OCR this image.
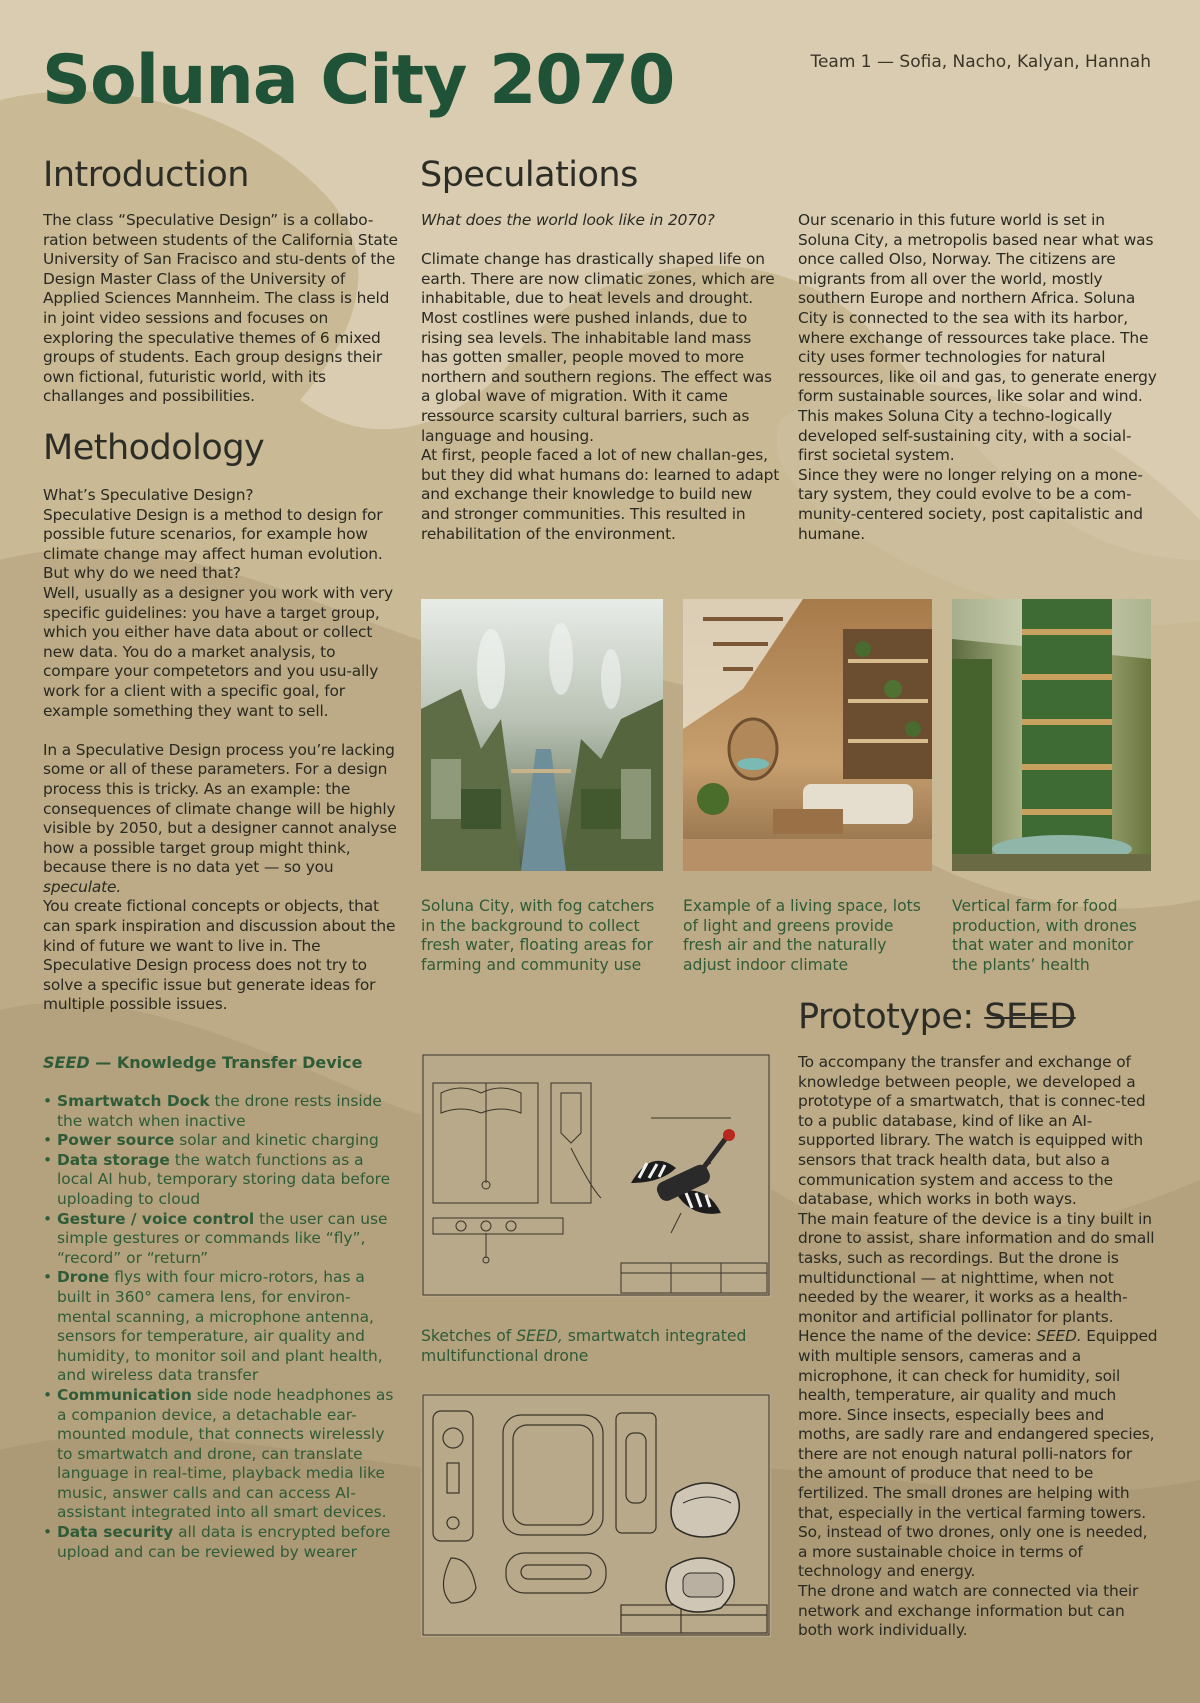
Soluna City 2070	Team 1 — Sofia, Nacho, Kalyan, Hannah
Introduction
The class “Speculative Design” is a collabo-ration between students of the California State University of San Fracisco and stu-dents of the Design Master Class of the University of Applied Sciences Mannheim. The class is held in joint video sessions and focuses on exploring the speculative themes of 6 mixed groups of students. Each group designs their own fictional, futuristic world, with its challanges and possibilities.
Methodology

What’s Speculative Design?

Speculative Design is a method to design for possible future scenarios, for example how climate change may affect human evolution. But why do we need that?

Well, usually as a designer you work with very specific guidelines: you have a target group, which you either have data about or collect new data. You do a market analysis, to compare your competetors and you usu-ally work for a client with a specific goal, for example something they want to sell.

In a Speculative Design process you’re lacking some or all of these parameters. For a design process this is tricky. As an example: the consequences of climate change will be highly visible by 2050, but a designer cannot analyse how a possible target group might think, because there is no data yet — so you speculate.

You create fictional concepts or objects, that can spark inspiration and discussion about the kind of future we want to live in. The Speculative Design process does not try to solve a specific issue but generate ideas for multiple possible issues.

Speculations

What does the world look like in 2070?

Climate change has drastically shaped life on earth. There are now climatic zones, which are inhabitable, due to heat levels and drought. Most costlines were pushed inlands, due to rising sea levels. The inhabitable land mass has gotten smaller, people moved to more northern and southern regions. The effect was a global wave of migration. With it came ressource scarsity cultural barriers, such as language and housing.

At first, people faced a lot of new challan-ges, but they did what humans do: learned to adapt and exchange their knowledge to build new and stronger communities. This resulted in rehabilitation of the environment.

Our scenario in this future world is set in Soluna City, a metropolis based near what was once called Olso, Norway. The citizens are migrants from all over the world, mostly southern Europe and northern Africa. Soluna City is connected to the sea with its harbor, where exchange of ressources take place. The city uses former technologies for natural ressources, like oil and gas, to generate energy form sustainable sources, like solar and wind. This makes Soluna City a techno-logically developed self-sustaining city, with a social-first societal system.

Since they were no longer relying on a mone-tary system, they could evolve to be a com-munity-centered society, post capitalistic and humane.

Soluna City, with fog catchers in the background to collect fresh water, floating areas for farming and community use
Example of a living space, lots of light and greens provide fresh air and the naturally adjust indoor climate
Vertical farm for food production, with drones that water and monitor the plants’ health
SEED — Knowledge Transfer Device
• Smartwatch Dock the drone rests inside the watch when inactive
• Power source solar and kinetic charging
• Data storage the watch functions as a local AI hub, temporary storing data before uploading to cloud
• Gesture / voice control the user can use simple gestures or commands like “fly”, “record” or “return”
• Drone flys with four micro-rotors, has a built in 360° camera lens, for environ-mental scanning, a microphone antenna, sensors for temperature, air quality and humidity, to monitor soil and plant health, and wireless data transfer
• Communication side node headphones as a companion device, a detachable ear-mounted module, that connects wirelessly to smartwatch and drone, can translate language in real-time, playback media like music, answer calls and can access AI-assistant integrated into all smart devices.
• Data security all data is encrypted before upload and can be reviewed by wearer
Sketches of SEED, smartwatch integrated multifunctional drone
Prototype: SEED

To accompany the transfer and exchange of knowledge between people, we developed a prototype of a smartwatch, that is connec-ted to a public database, kind of like an AI-supported library. The watch is equipped with sensors that track health data, but also a communication system and access to the database, which works in both ways.

The main feature of the device is a tiny built in drone to assist, share information and do small tasks, such as recordings. But the drone is multidunctional — at nighttime, when not needed by the wearer, it works as a health-monitor and artificial pollinator for plants. Hence the name of the device: SEED. Equipped with multiple sensors, cameras and a microphone, it can check for humidity, soil health, temperature, air quality and much more. Since insects, especially bees and moths, are sadly rare and endangered species, there are not enough natural polli-nators for the amount of produce that need to be fertilized. The small drones are helping with that, especially in the vertical farming towers. So, instead of two drones, only one is needed, a more sustainable choice in terms of technology and energy.

The drone and watch are connected via their network and exchange information but can both work individually.
